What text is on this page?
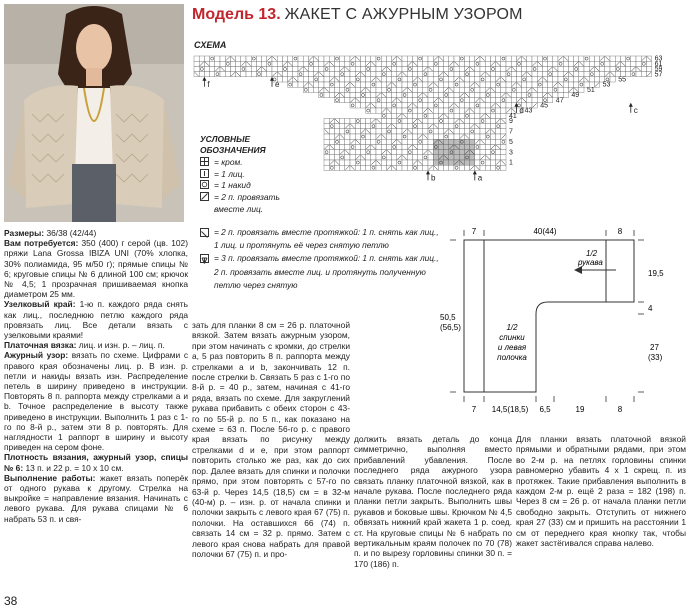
Модель 13. ЖАКЕТ С АЖУРНЫМ УЗОРОМ
СХЕМА
63
61
59
57
55
53
51
49
47
45
43
41
9
7
5
3
1
f	e
d	c
b	a
УСЛОВНЫЕ
ОБОЗНАЧЕНИЯ
= кром.
= 1 лиц.
= 1 накид
= 2 п. провязать
вместе лиц.
= 2 п. провязать вместе протяжкой: 1 п. снять как лиц.,
1 лиц. и протянуть её через снятую петлю
= 3 п. провязать вместе протяжкой: 1 п. снять как лиц.,
2 п. провязать вместе лиц. и протянуть полученную
петлю через снятую

Размеры: 36/38 (42/44)

Вам потребуется: 350 (400) г серой (цв. 102) пряжи Lana Grossa IBIZA UNI (70% хлопка, 30% полиамида, 95 м/50 г); прямые спицы № 6; круговые спицы № 6 длиной 100 см; крючок № 4,5; 1 прозрачная пришиваемая кнопка диаметром 25 мм.

Узелковый край: 1-ю п. каждого ряда снять как лиц., последнюю петлю каждого ряда провязать лиц. Все детали вязать с узелковыми краями!

Платочная вязка: лиц. и изн. р. – лиц. п.

Ажурный узор: вязать по схеме. Цифрами с правого края обозначены лиц. р. В изн. р. петли и накиды вязать изн. Распределение петель в ширину приведено в инструкции. Повторять 8 п. раппорта между стрелками a и b. Точное распределение в высоту также приведено в инструкции. Выполнить 1 раз с 1-го по 8-й р., затем эти 8 р. повторять. Для наглядности 1 раппорт в ширину и высоту приведен на сером фоне.

Плотность вязания, ажурный узор, спицы № 6: 13 п. и 22 р. = 10 х 10 см.

Выполнение работы: жакет вязать поперёк от одного рукава к другому. Стрелка на выкройке = направление вязания. Начинать с левого рукава. Для рукава спицами № 6 набрать 53 п. и свя-

зать для планки 8 см = 26 р. платочной вязкой. Затем вязать ажурным узором, при этом начинать с кромки, до стрелки a, 5 раз повторить 8 п. раппорта между стрелками a и b, закончивать 12 п. после стрелки b. Связать 5 раз с 1-го по 8-й р. = 40 р., затем, начиная с 41-го ряда, вязать по схеме. Для закруглений рукава прибавить с обеих сторон с 43-го по 55-й р. по 5 п., как показано на схеме = 63 п. После 56-го р. с правого края вязать по рисунку между стрелками d и e, при этом раппорт повторить столько же раз, как до сих пор. Далее вязать для спинки и полочки прямо, при этом повторять с 57-го по 63-й р. Через 14,5 (18,5) см = в 32-м (40-м) р. – изн. р. от начала спинки и полочки закрыть с левого края 67 (75) п. полочки. На оставшихся 66 (74) п. связать 14 см = 32 р. прямо. Затем с левого края снова набрать для правой полочки 67 (75) п. и про-
должить вязать деталь до конца симметрично, выполняя вместо прибавлений убавления. После последнего ряда ажурного узора связать планку платочной вязкой, как в начале рукава. После последнего ряда планки петли закрыть. Выполнить швы рукавов и боковые швы. Крючком № 4,5 обвязать нижний край жакета 1 р. соед. ст. На круговые спицы № 6 набрать по вертикальным краям полочек по 70 (78) п. и по вырезу горловины спинки 30 п. = 170 (186) п.
Для планки вязать платочной вязкой прямыми и обратными рядами, при этом во 2-м р. на петлях горловины спинки равномерно убавить 4 х 1 скрещ. п. из протяжек. Такие прибавления выполнить в каждом 2-м р. ещё 2 раза = 182 (198) п. Через 8 см = 26 р. от начала планки петли свободно закрыть. Отступить от нижнего края 27 (33) см и пришить на расстоянии 1 см от переднего края кнопку так, чтобы жакет застёгивался справа налево.
7	40(44)	8
1/2
рукава
19,5
4
50,5
(56,5)	1/2
спинки
и левая
полочка
27
(33)
7 14,5(18,5) 6,5	19	8
38
